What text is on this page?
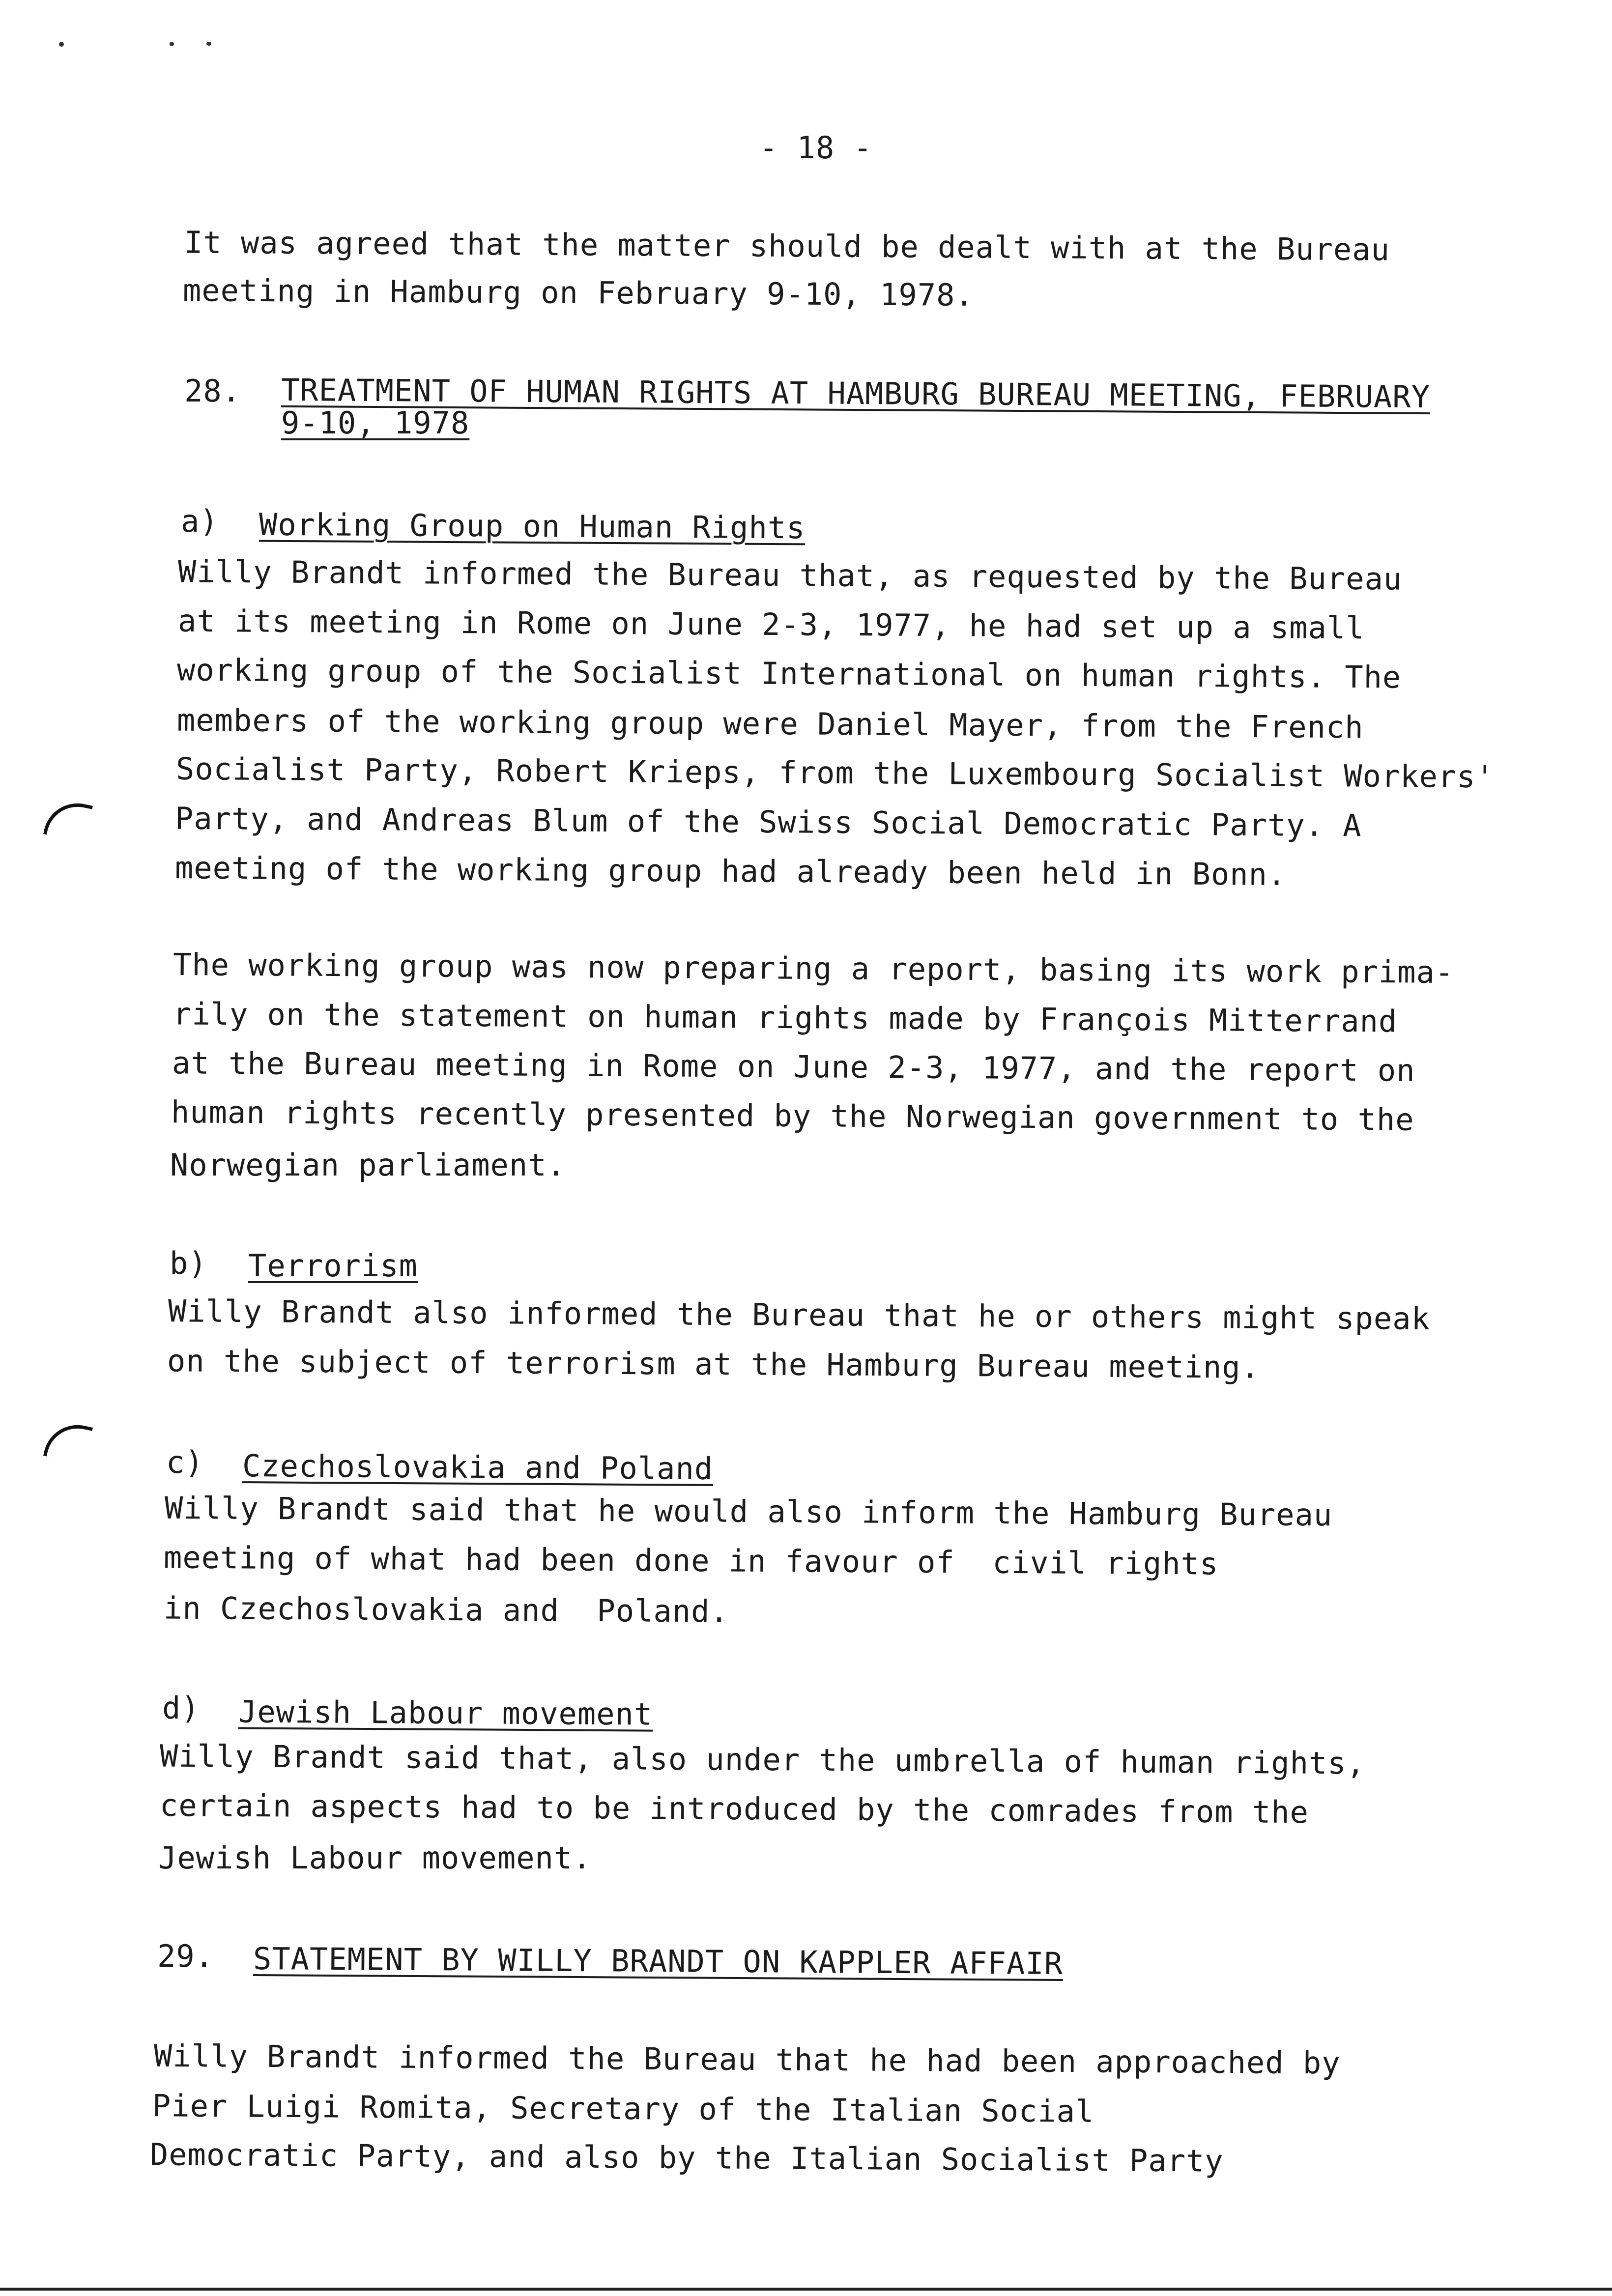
- 18 -
It was agreed that the matter should be dealt with at the Bureau
meeting in Hamburg on February 9-10, 1978.
28. TREATMENT OF HUMAN RIGHTS AT HAMBURG BUREAU MEETING, FEBRUARY
9-10, 1978
a) Working Group on Human Rights
Willy Brandt informed the Bureau that, as requested by the Bureau
at its meeting in Rome on June 2-3, 1977, he had set up a small
working group of the Socialist International on human rights. The
members of the working group were Daniel Mayer, from the French
Socialist Party, Robert Krieps, from the Luxembourg Socialist Workers'
Party, and Andreas Blum of the Swiss Social Democratic Party. A
meeting of the working group had already been held in Bonn.
The working group was now preparing a report, basing its work prima-
rily on the statement on human rights made by François Mitterrand
at the Bureau meeting in Rome on June 2-3, 1977, and the report on
human rights recently presented by the Norwegian government to the
Norwegian parliament.
b) Terrorism
Willy Brandt also informed the Bureau that he or others might speak
on the subject of terrorism at the Hamburg Bureau meeting.
c) Czechoslovakia and Poland
Willy Brandt said that he would also inform the Hamburg Bureau
meeting of what had been done in favour of  civil rights
in Czechoslovakia and  Poland.
d) Jewish Labour movement
Willy Brandt said that, also under the umbrella of human rights,
certain aspects had to be introduced by the comrades from the
Jewish Labour movement.
29. STATEMENT BY WILLY BRANDT ON KAPPLER AFFAIR
Willy Brandt informed the Bureau that he had been approached by
Pier Luigi Romita, Secretary of the Italian Social
Democratic Party, and also by the Italian Socialist Party
